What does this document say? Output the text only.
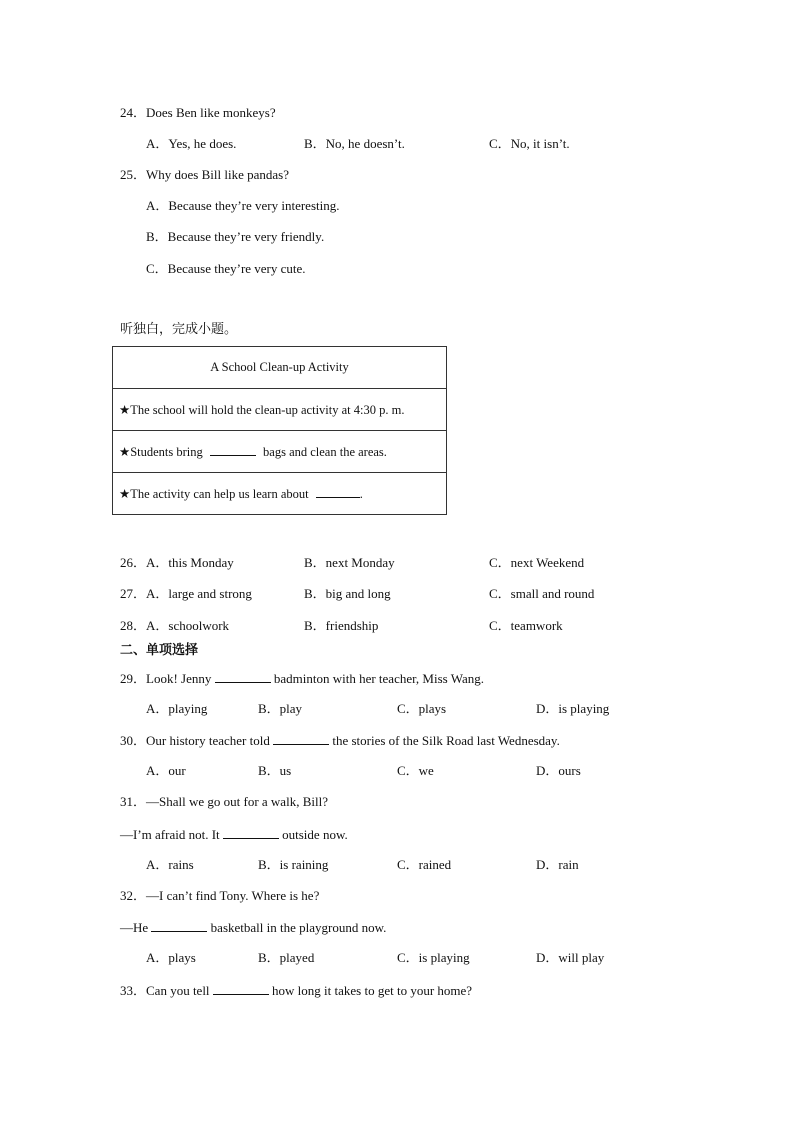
24．Does Ben like monkeys?
A．Yes, he does.	B．No, he doesn’t.	C．No, it isn’t.
25．Why does Bill like pandas?
A．Because they’re very interesting.
B．Because they’re very friendly.
C．Because they’re very cute.
听独白，完成小题。
A School Clean-up Activity
★The school will hold the clean-up activity at 4:30 p. m.
★Students bring	bags and clean the areas.
★The activity can help us learn about	.
26．A．this Monday	B．next Monday	C．next Weekend
27．A．large and strong	B．big and long	C．small and round
28．A．schoolwork	B．friendship	C．teamwork
二、单项选择
29．Look! Jenny	badminton with her teacher, Miss Wang.
A．playing	B．play	C．plays	D．is playing
30．Our history teacher told	the stories of the Silk Road last Wednesday.
A．our	B．us	C．we	D．ours
31．—Shall we go out for a walk, Bill?
—I’m afraid not. It	outside now.
A．rains	B．is raining	C．rained	D．rain
32．—I can’t find Tony. Where is he?
—He	basketball in the playground now.
A．plays	B．played	C．is playing	D．will play
33．Can you tell	how long it takes to get to your home?
